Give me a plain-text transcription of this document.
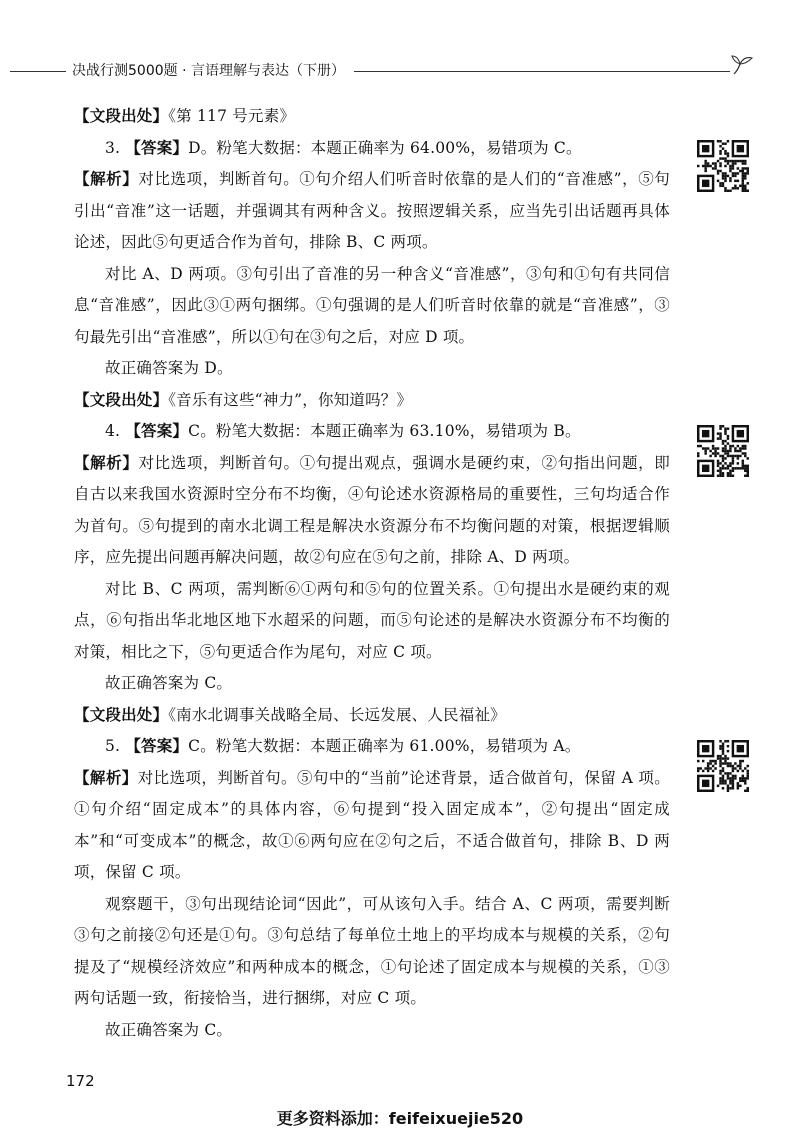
决战行测5000题 · 言语理解与表达（下册）

【文段出处】《第 117 号元素》

3. 【答案】D。粉笔大数据：本题正确率为 64.00%，易错项为 C。

【解析】对比选项，判断首句。①句介绍人们听音时依靠的是人们的“音准感”，⑤句引出“音准”这一话题，并强调其有两种含义。按照逻辑关系，应当先引出话题再具体论述，因此⑤句更适合作为首句，排除 B、C 两项。

对比 A、D 两项。③句引出了音准的另一种含义“音准感”，③句和①句有共同信息“音准感”，因此③①两句捆绑。①句强调的是人们听音时依靠的就是“音准感”，③句最先引出“音准感”，所以①句在③句之后，对应 D 项。

故正确答案为 D。

【文段出处】《音乐有这些“神力”，你知道吗？》

4. 【答案】C。粉笔大数据：本题正确率为 63.10%，易错项为 B。

【解析】对比选项，判断首句。①句提出观点，强调水是硬约束，②句指出问题，即自古以来我国水资源时空分布不均衡，④句论述水资源格局的重要性，三句均适合作为首句。⑤句提到的南水北调工程是解决水资源分布不均衡问题的对策，根据逻辑顺序，应先提出问题再解决问题，故②句应在⑤句之前，排除 A、D 两项。

对比 B、C 两项，需判断⑥①两句和⑤句的位置关系。①句提出水是硬约束的观点，⑥句指出华北地区地下水超采的问题，而⑤句论述的是解决水资源分布不均衡的对策，相比之下，⑤句更适合作为尾句，对应 C 项。

故正确答案为 C。

【文段出处】《南水北调事关战略全局、长远发展、人民福祉》

5. 【答案】C。粉笔大数据：本题正确率为 61.00%，易错项为 A。

【解析】对比选项，判断首句。⑤句中的“当前”论述背景，适合做首句，保留 A 项。①句介绍“固定成本”的具体内容，⑥句提到“投入固定成本”，②句提出“固定成本”和“可变成本”的概念，故①⑥两句应在②句之后，不适合做首句，排除 B、D 两项，保留 C 项。

观察题干，③句出现结论词“因此”，可从该句入手。结合 A、C 两项，需要判断③句之前接②句还是①句。③句总结了每单位土地上的平均成本与规模的关系，②句提及了“规模经济效应”和两种成本的概念，①句论述了固定成本与规模的关系，①③两句话题一致，衔接恰当，进行捆绑，对应 C 项。

故正确答案为 C。

172
更多资料添加：feifeixuejie520
